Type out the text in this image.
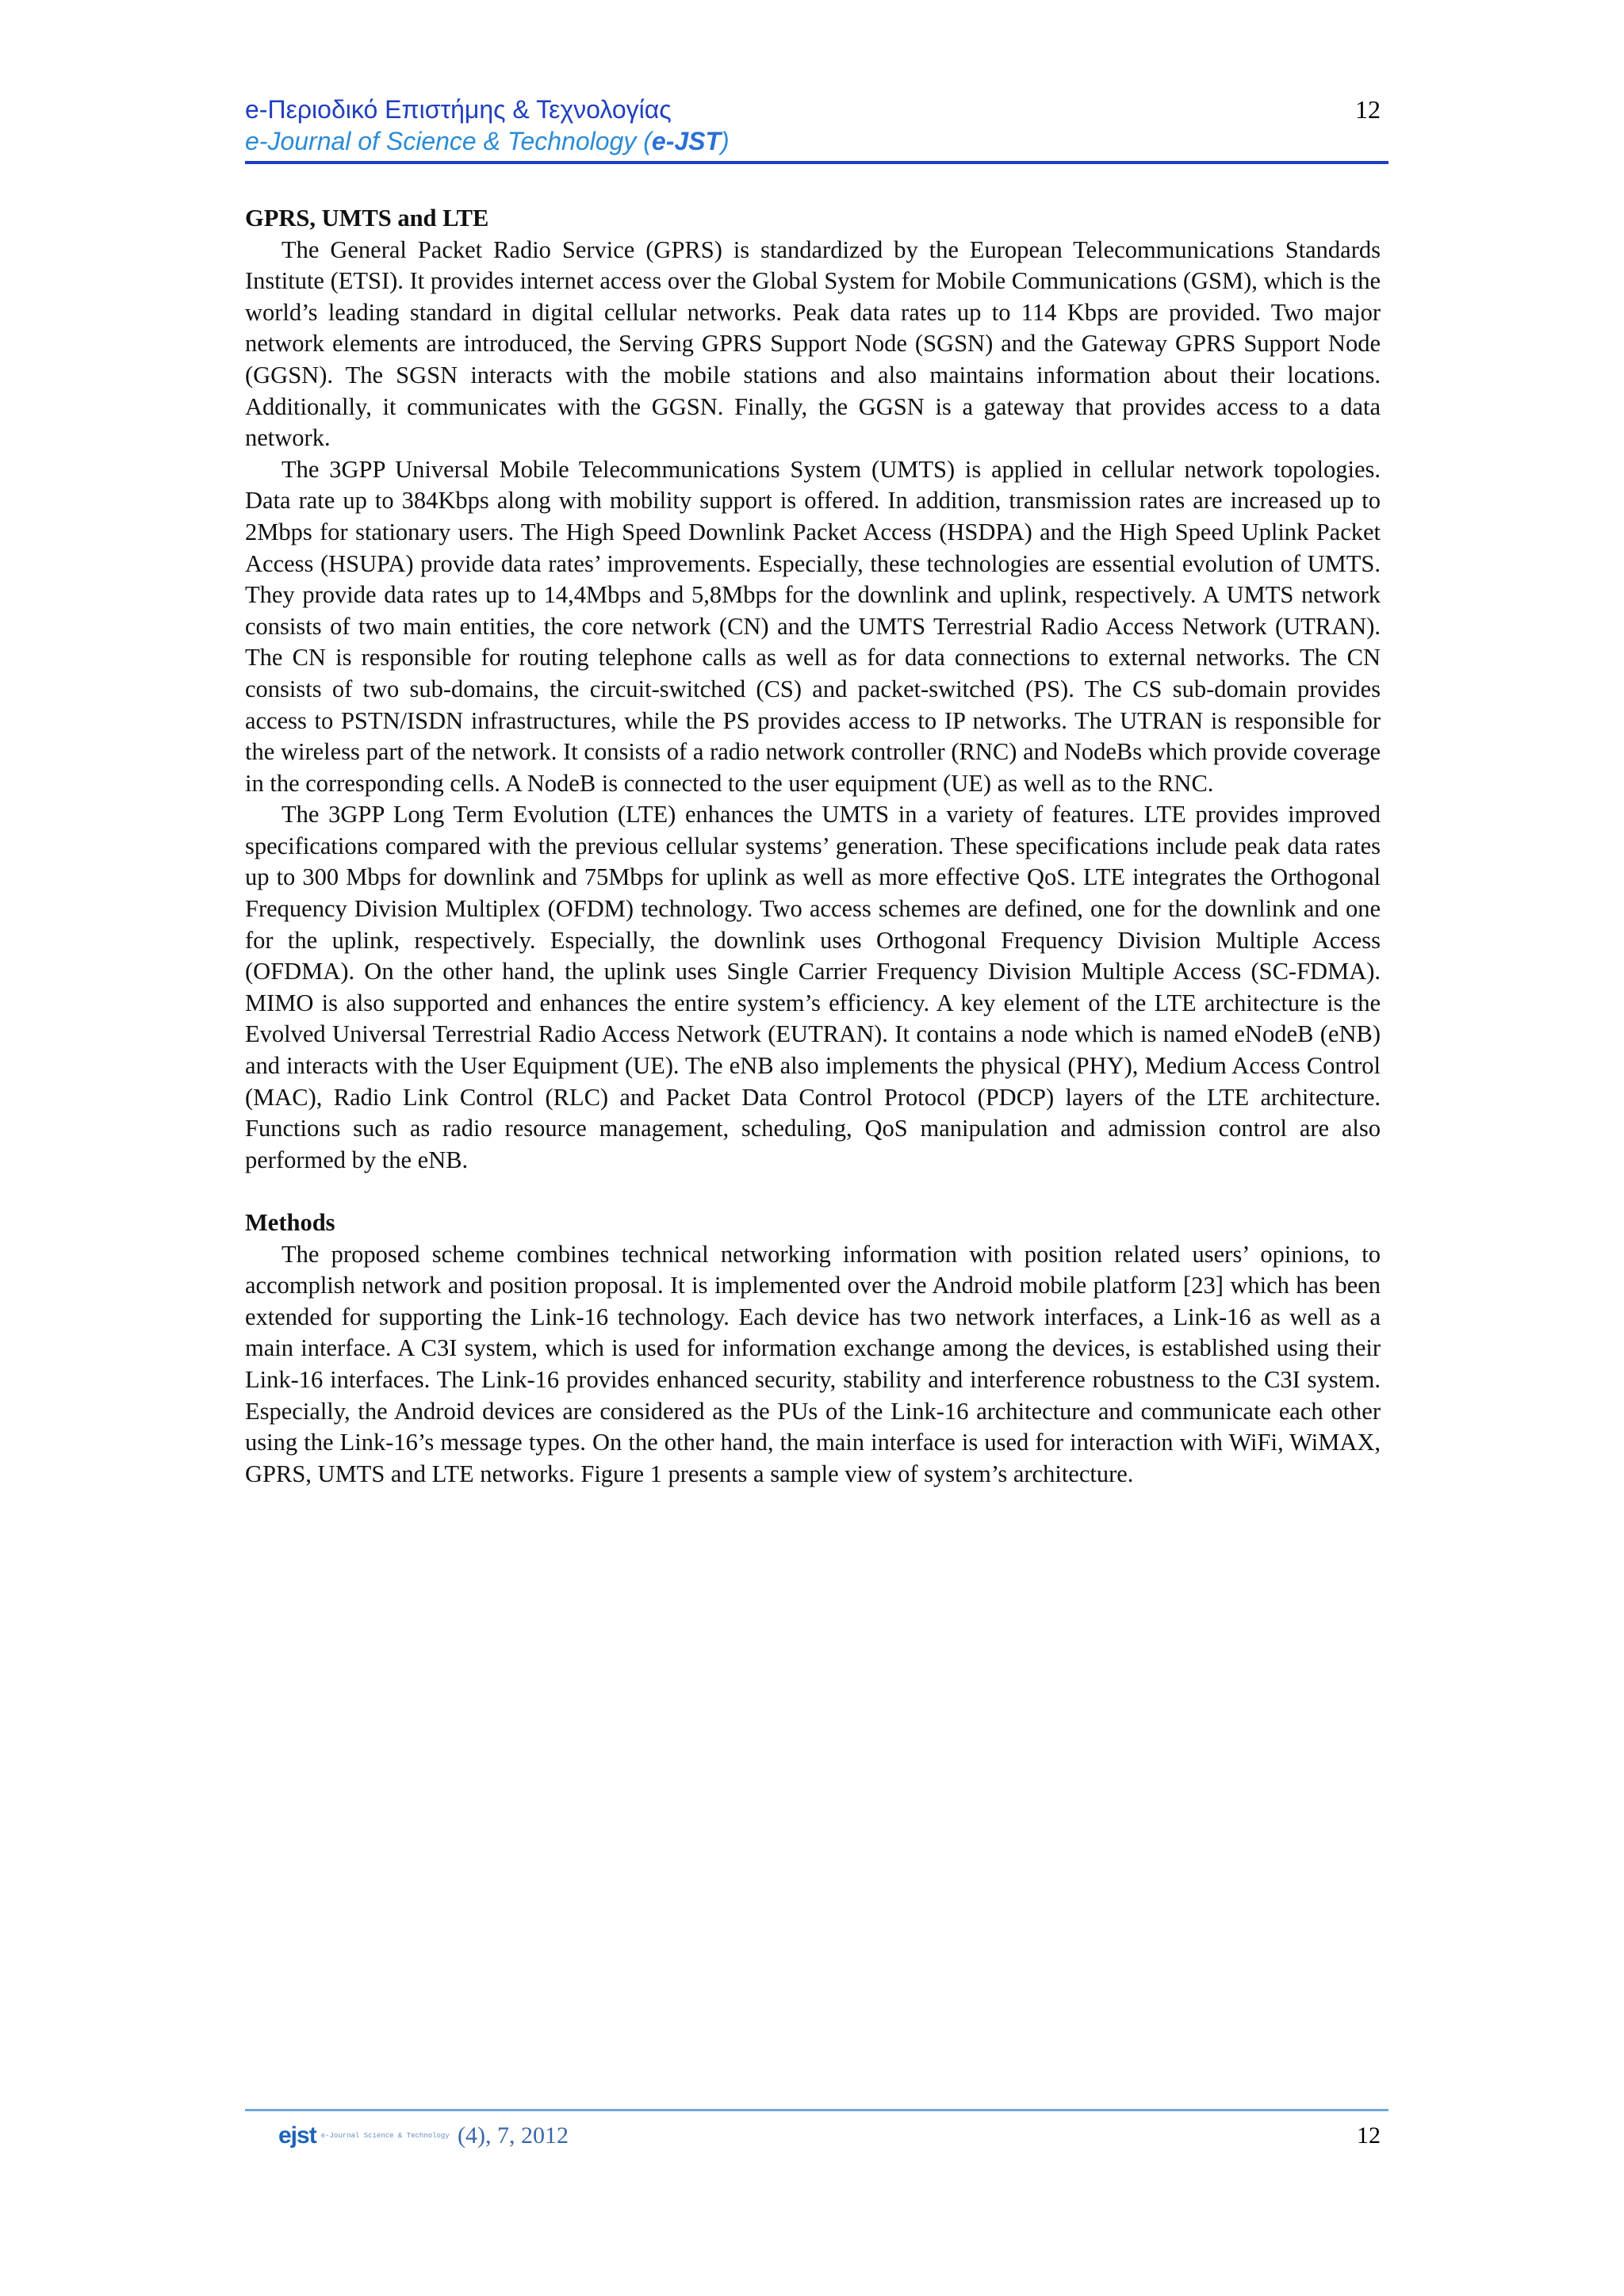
e-Περιοδικό Επιστήμης & Τεχνολογίας
e-Journal of Science & Technology (e-JST)
12
GPRS, UMTS and LTE

The General Packet Radio Service (GPRS) is standardized by the European Telecommunications Standards Institute (ETSI). It provides internet access over the Global System for Mobile Communications (GSM), which is the world’s leading standard in digital cellular networks. Peak data rates up to 114 Kbps are provided. Two major network elements are introduced, the Serving GPRS Support Node (SGSN) and the Gateway GPRS Support Node (GGSN). The SGSN interacts with the mobile stations and also maintains information about their locations. Additionally, it communicates with the GGSN. Finally, the GGSN is a gateway that provides access to a data network.

The 3GPP Universal Mobile Telecommunications System (UMTS) is applied in cellular network topologies. Data rate up to 384Kbps along with mobility support is offered. In addition, transmission rates are increased up to 2Mbps for stationary users. The High Speed Downlink Packet Access (HSDPA) and the High Speed Uplink Packet Access (HSUPA) provide data rates’ improvements. Especially, these technologies are essential evolution of UMTS. They provide data rates up to 14,4Mbps and 5,8Mbps for the downlink and uplink, respectively. A UMTS network consists of two main entities, the core network (CN) and the UMTS Terrestrial Radio Access Network (UTRAN). The CN is responsible for routing telephone calls as well as for data connections to external networks. The CN consists of two sub-domains, the circuit-switched (CS) and packet-switched (PS). The CS sub-domain provides access to PSTN/ISDN infrastructures, while the PS provides access to IP networks. The UTRAN is responsible for the wireless part of the network. It consists of a radio network controller (RNC) and NodeBs which provide coverage in the corresponding cells. A NodeB is connected to the user equipment (UE) as well as to the RNC.

The 3GPP Long Term Evolution (LTE) enhances the UMTS in a variety of features. LTE provides improved specifications compared with the previous cellular systems’ generation. These specifications include peak data rates up to 300 Mbps for downlink and 75Mbps for uplink as well as more effective QoS. LTE integrates the Orthogonal Frequency Division Multiplex (OFDM) technology. Two access schemes are defined, one for the downlink and one for the uplink, respectively. Especially, the downlink uses Orthogonal Frequency Division Multiple Access (OFDMA). On the other hand, the uplink uses Single Carrier Frequency Division Multiple Access (SC-FDMA). MIMO is also supported and enhances the entire system’s efficiency. A key element of the LTE architecture is the Evolved Universal Terrestrial Radio Access Network (EUTRAN). It contains a node which is named eNodeB (eNB) and interacts with the User Equipment (UE). The eNB also implements the physical (PHY), Medium Access Control (MAC), Radio Link Control (RLC) and Packet Data Control Protocol (PDCP) layers of the LTE architecture. Functions such as radio resource management, scheduling, QoS manipulation and admission control are also performed by the eNB.

Methods

The proposed scheme combines technical networking information with position related users’ opinions, to accomplish network and position proposal. It is implemented over the Android mobile platform [23] which has been extended for supporting the Link-16 technology. Each device has two network interfaces, a Link-16 as well as a main interface. A C3I system, which is used for information exchange among the devices, is established using their Link-16 interfaces. The Link-16 provides enhanced security, stability and interference robustness to the C3I system. Especially, the Android devices are considered as the PUs of the Link-16 architecture and communicate each other using the Link-16’s message types. On the other hand, the main interface is used for interaction with WiFi, WiMAX, GPRS, UMTS and LTE networks. Figure 1 presents a sample view of system’s architecture.

ejst e-Journal Science & Technology (4), 7, 2012	12
